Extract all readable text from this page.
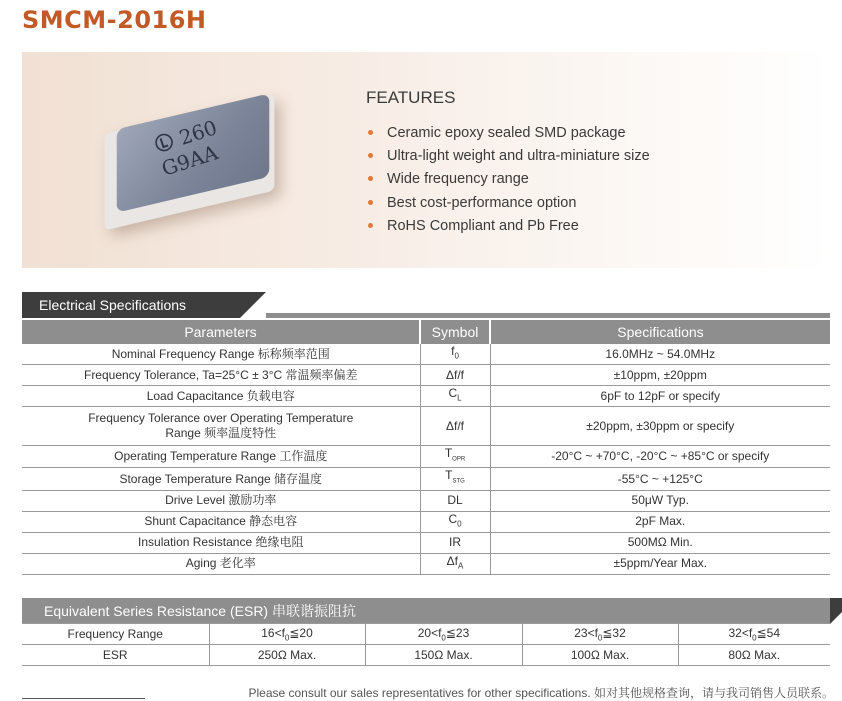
SMCM-2016H
260
G9AA
FEATURES
Ceramic epoxy sealed SMD package
Ultra-light weight and ultra-miniature size
Wide frequency range
Best cost-performance option
RoHS Compliant and Pb Free
Electrical Specifications
Parameters	Symbol	Specifications
Nominal Frequency Range 标称频率范围	$f_0$	16.0MHz ~ 54.0MHz
Frequency Tolerance, Ta=25°C ± 3°C 常温频率偏差	Δf/f	±10ppm, ±20ppm
Load Capacitance 负载电容	$C_L$	6pF to 12pF or specify
Frequency Tolerance over Operating Temperature
Range 频率温度特性	Δf/f	±20ppm, ±30ppm or specify
Operating Temperature Range 工作温度	$T_{OPR}$	-20°C ~ +70°C, -20°C ~ +85°C or specify
Storage Temperature Range 储存温度	$T_{STG}$	-55°C ~ +125°C
Drive Level 激励功率	DL	50μW Typ.
Shunt Capacitance 静态电容	$C_0$	2pF Max.
Insulation Resistance 绝缘电阻	IR	500MΩ Min.
Aging 老化率	$\Delta f_A$	±5ppm/Year Max.
Equivalent Series Resistance (ESR) 串联谐振阻抗
Frequency Range	$16<f_0≦20$	$20<f_0≦23$	$23<f_0≦32$	$32<f_0≦54$
ESR	250Ω Max.	150Ω Max.	100Ω Max.	80Ω Max.
Please consult our sales representatives for other specifications. 如对其他规格查询，请与我司销售人员联系。
